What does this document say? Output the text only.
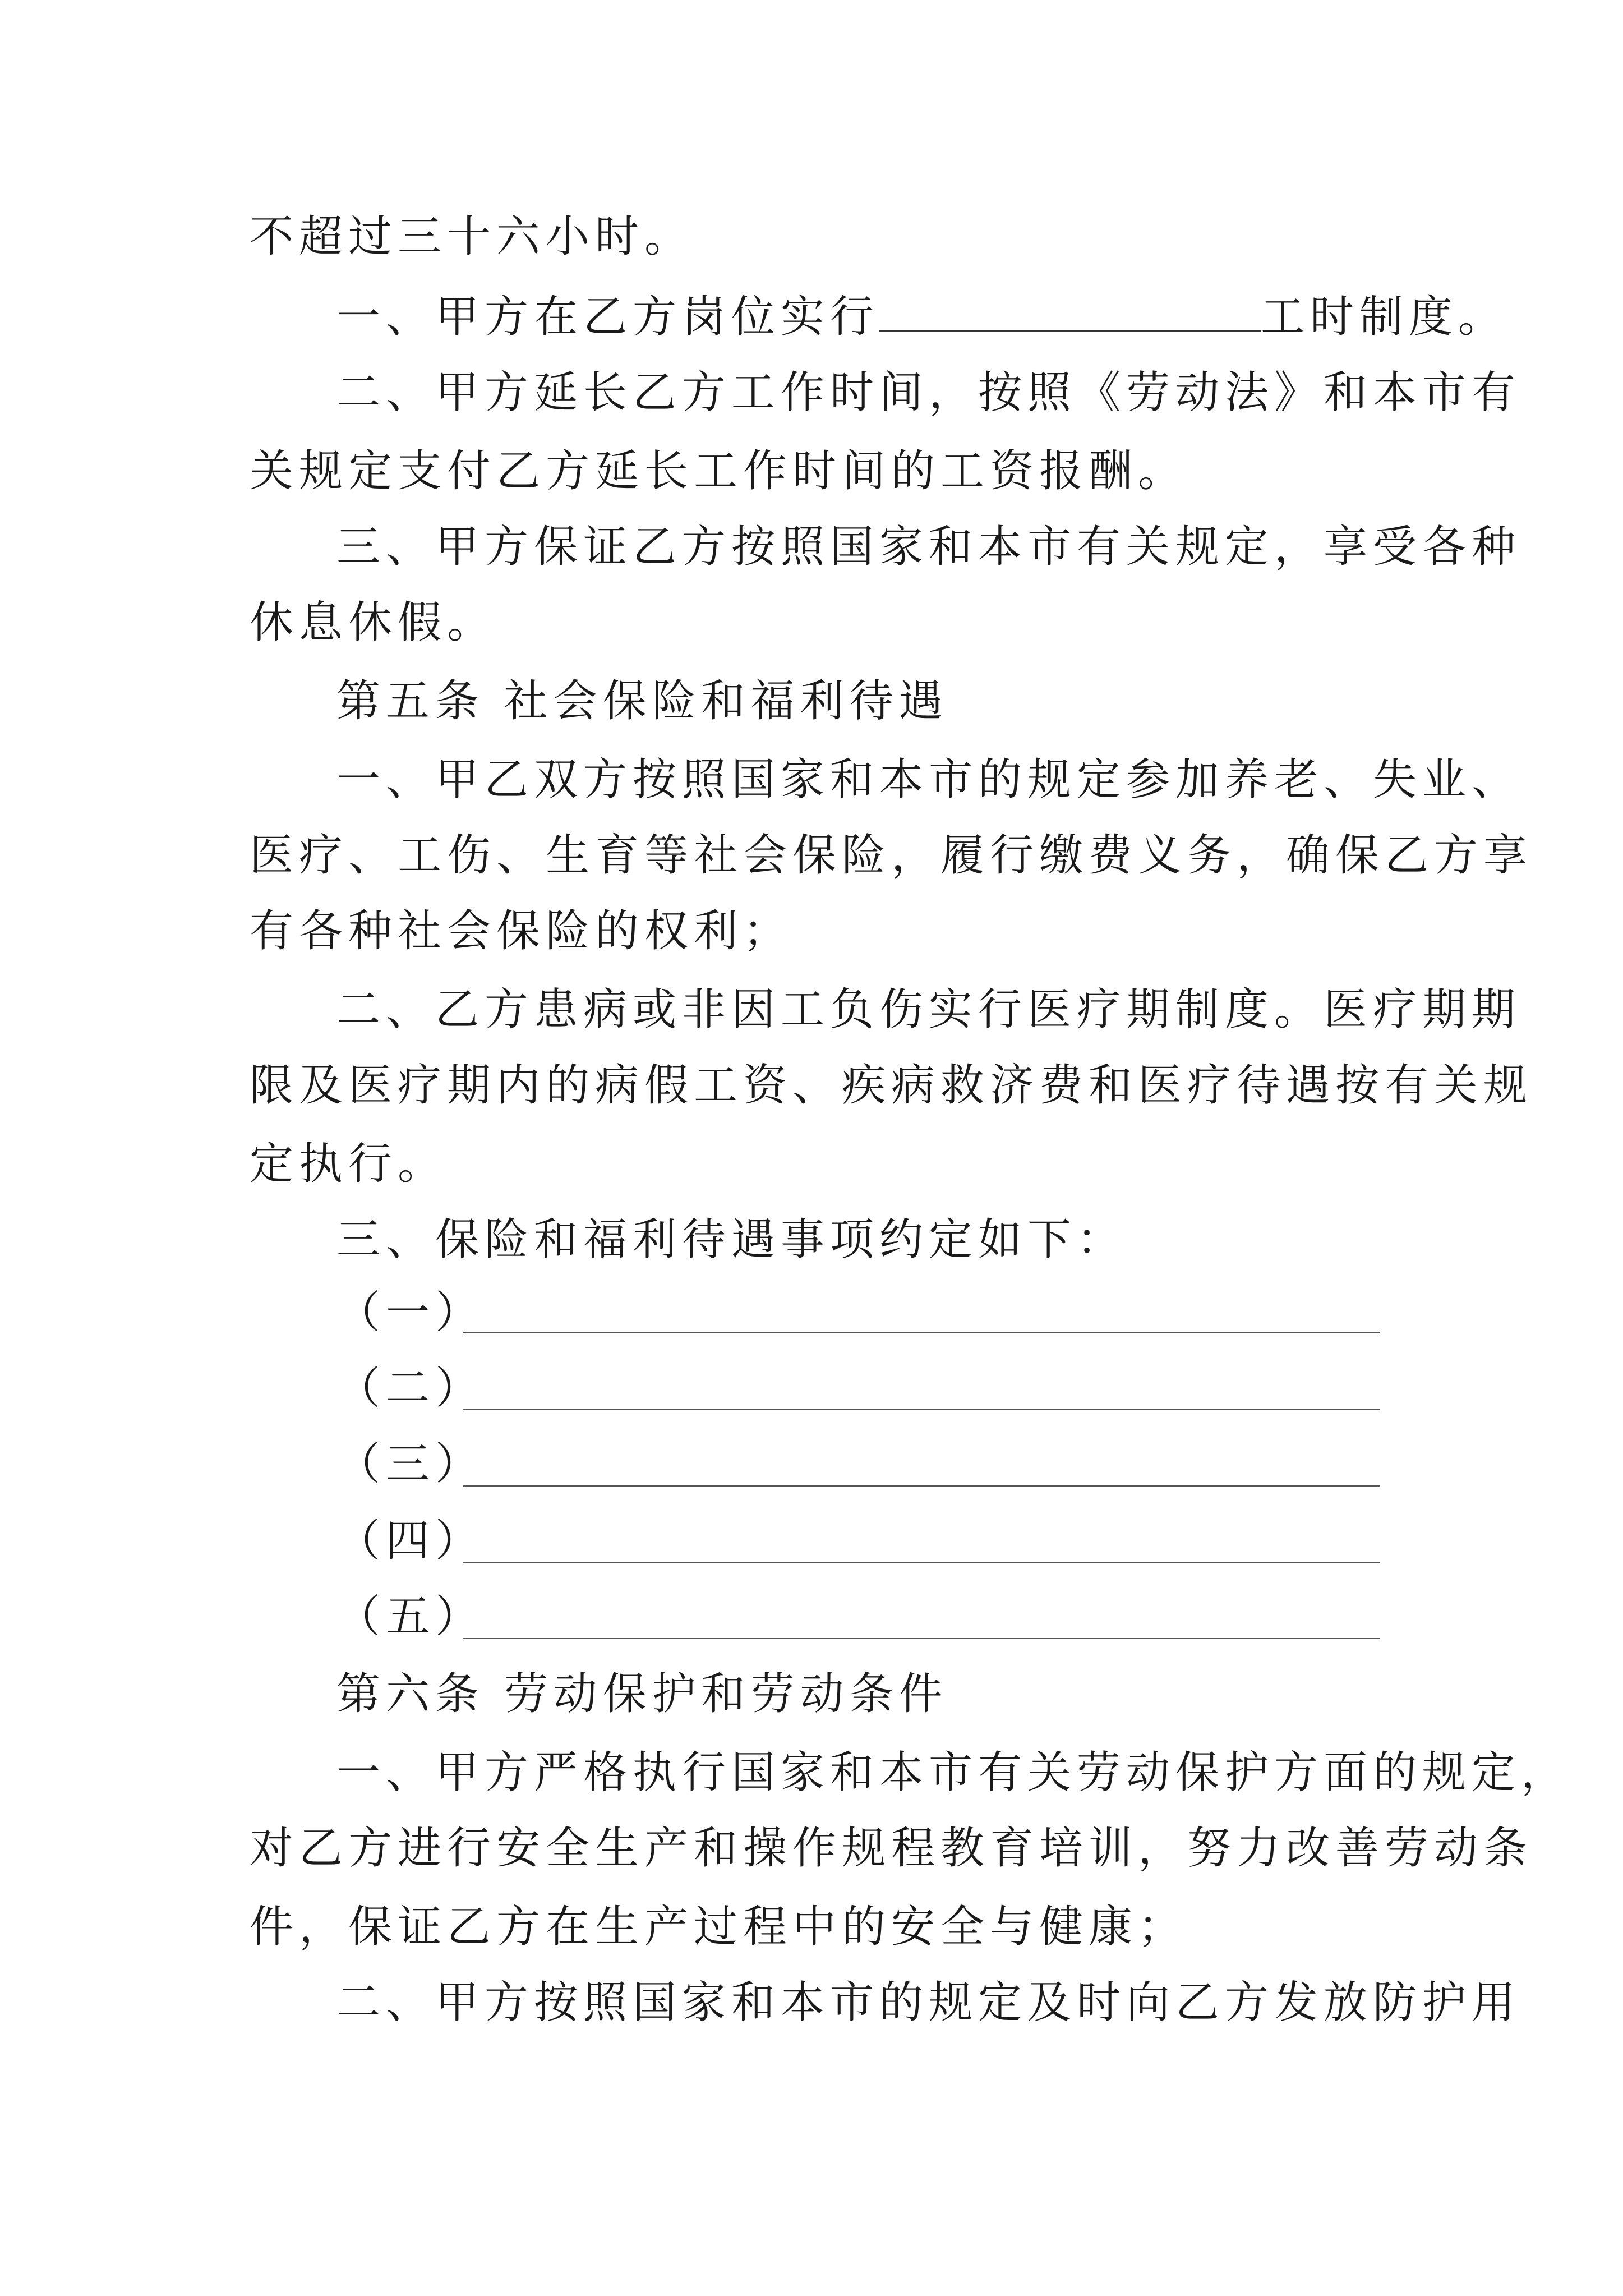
不超过三十六小时。
一、甲方在乙方岗位实行	工时制度。
二、甲方延长乙方工作时间，按照《劳动法》和本市有
关规定支付乙方延长工作时间的工资报酬。
三、甲方保证乙方按照国家和本市有关规定，享受各种
休息休假。
第五条 社会保险和福利待遇
一、甲乙双方按照国家和本市的规定参加养老、失业、
医疗、工伤、生育等社会保险，履行缴费义务，确保乙方享
有各种社会保险的权利；
二、乙方患病或非因工负伤实行医疗期制度。医疗期期
限及医疗期内的病假工资、疾病救济费和医疗待遇按有关规
定执行。
三、保险和福利待遇事项约定如下：
（一）
（二）
（三）
（四）
（五）
第六条 劳动保护和劳动条件
一、甲方严格执行国家和本市有关劳动保护方面的规定，
对乙方进行安全生产和操作规程教育培训，努力改善劳动条
件，保证乙方在生产过程中的安全与健康；
二、甲方按照国家和本市的规定及时向乙方发放防护用
